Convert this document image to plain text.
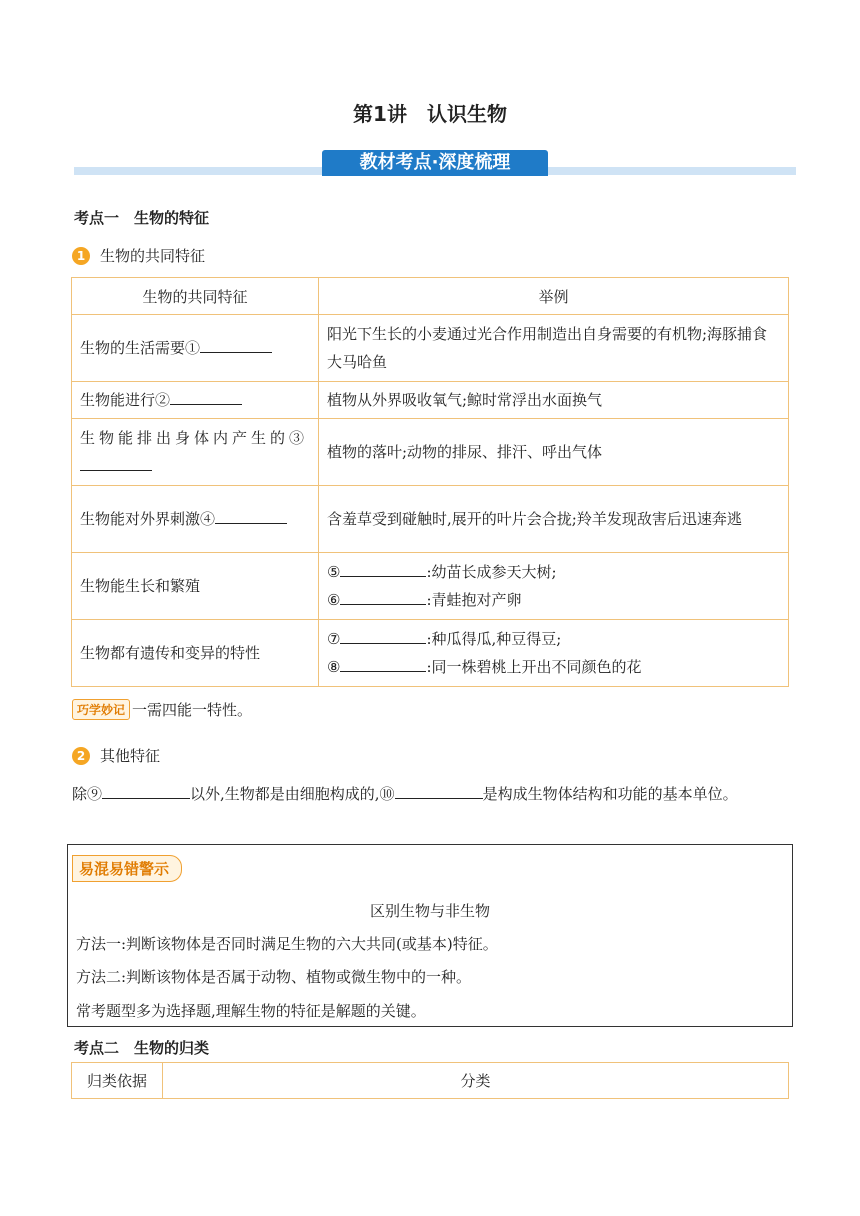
第1讲　认识生物
教材考点·深度梳理
考点一　生物的特征
1 生物的共同特征
生物的共同特征	举例
生物的生活需要①	阳光下生长的小麦通过光合作用制造出自身需要的有机物;海豚捕食大马哈鱼
生物能进行②	植物从外界吸收氧气;鲸时常浮出水面换气
生物能排出身体内产生的③	植物的落叶;动物的排尿、排汗、呼出气体
生物能对外界刺激④	含羞草受到碰触时,展开的叶片会合拢;羚羊发现敌害后迅速奔逃
生物能生长和繁殖	⑤ :幼苗长成参天大树;
⑥ :青蛙抱对产卵

生物都有遗传和变异的特性	⑦ :种瓜得瓜,种豆得豆;
⑧ :同一株碧桃上开出不同颜色的花
巧学妙记 一需四能一特性。
2 其他特征
除⑨	以外,生物都是由细胞构成的,⑩	是构成生物体结构和功能的基本单位。
易混易错警示
区别生物与非生物
方法一:判断该物体是否同时满足生物的六大共同(或基本)特征。
方法二:判断该物体是否属于动物、植物或微生物中的一种。
常考题型多为选择题,理解生物的特征是解题的关键。
考点二　生物的归类
归类依据	分类
